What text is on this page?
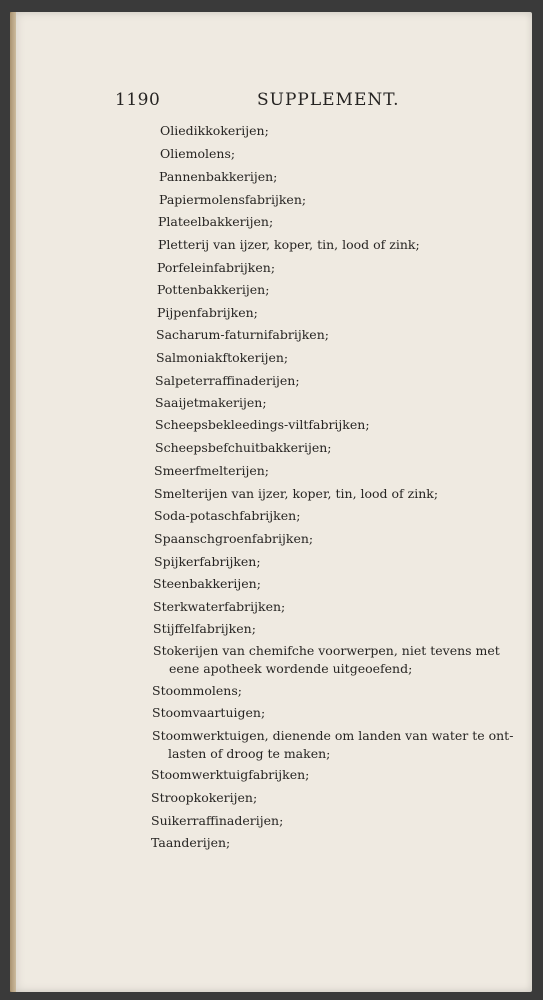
1190	SUPPLEMENT.
Oliedikkokerijen;
Oliemolens;
Pannenbakkerijen;
Papiermolensfabrijken;
Plateelbakkerijen;
Pletterij van ijzer, koper, tin, lood of zink;
Porfeleinfabrijken;
Pottenbakkerijen;
Pijpenfabrijken;
Sacharum-faturnifabrijken;
Salmoniakftokerijen;
Salpeterraffinaderijen;
Saaijetmakerijen;
Scheepsbekleedings-viltfabrijken;
Scheepsbefchuitbakkerijen;
Smeerfmelterijen;
Smelterijen van ijzer, koper, tin, lood of zink;
Soda-potaschfabrijken;
Spaanschgroenfabrijken;
Spijkerfabrijken;
Steenbakkerijen;
Sterkwaterfabrijken;
Stijffelfabrijken;
Stokerijen van chemifche voorwerpen, niet tevens met
eene apotheek wordende uitgeoefend;
Stoommolens;
Stoomvaartuigen;
Stoomwerktuigen, dienende om landen van water te ont-
lasten of droog te maken;
Stoomwerktuigfabrijken;
Stroopkokerijen;
Suikerraffinaderijen;
Taanderijen;
